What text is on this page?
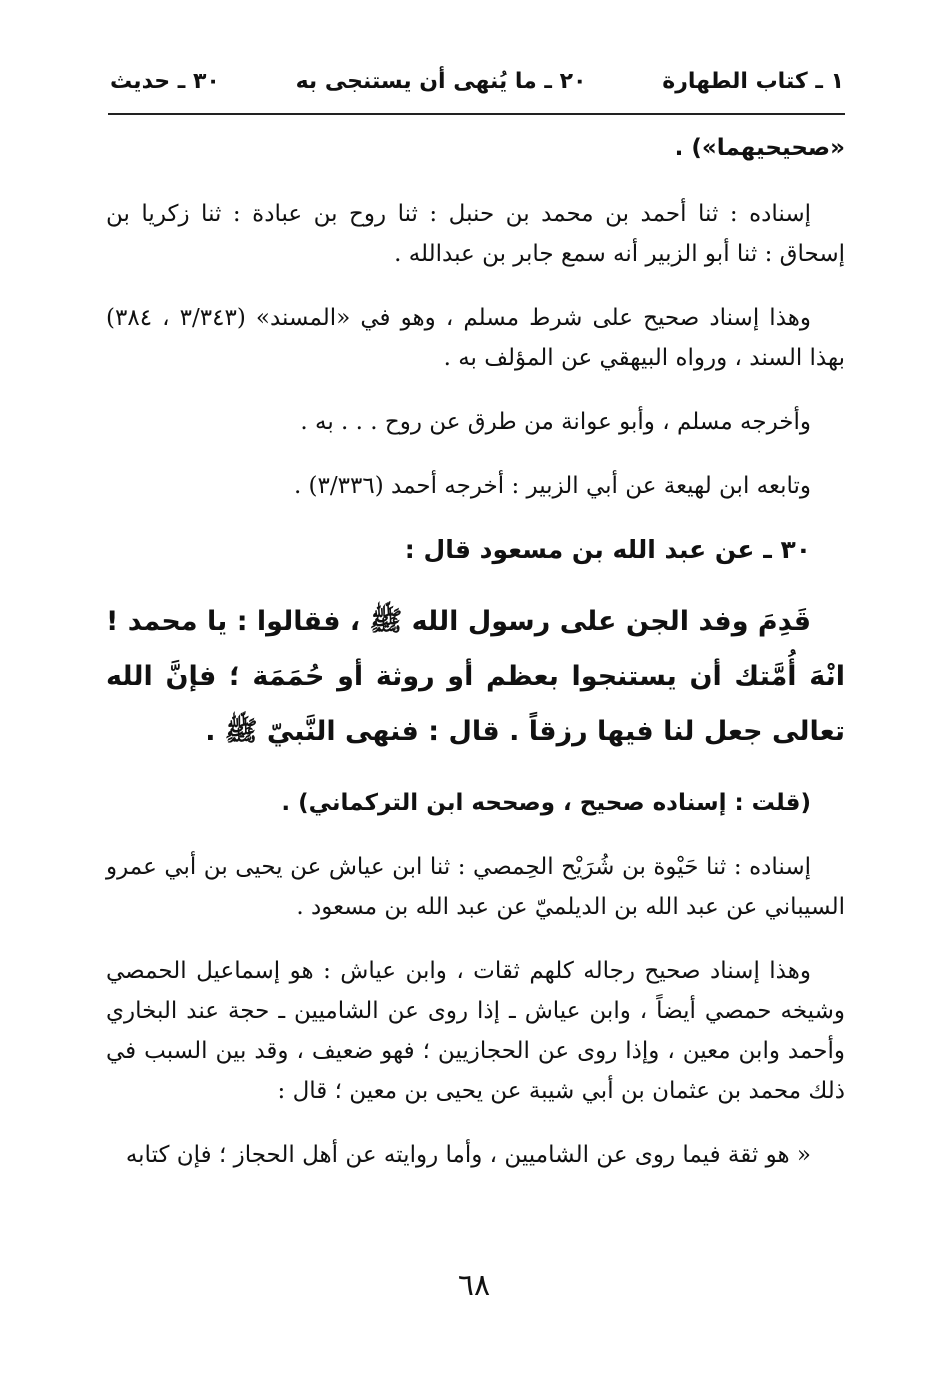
١ ـ كتاب الطهارة
٢٠ ـ ما يُنهى أن يستنجى به
٣٠ ـ حديث

«صحيحيهما») .

إسناده : ثنا أحمد بن محمد بن حنبل : ثنا روح بن عبادة : ثنا زكريا بن إسحاق : ثنا أبو الزبير أنه سمع جابر بن عبدالله .

وهذا إسناد صحيح على شرط مسلم ، وهو في «المسند» (٣/٣٤٣ ، ٣٨٤) بهذا السند ، ورواه البيهقي عن المؤلف به .

وأخرجه مسلم ، وأبو عوانة من طرق عن روح . . . به .

وتابعه ابن لهيعة عن أبي الزبير : أخرجه أحمد (٣/٣٣٦) .

٣٠ ـ عن عبد الله بن مسعود قال :

قَدِمَ وفد الجن على رسول الله ﷺ ، فقالوا : يا محمد ! انْهَ أُمَّتك أن يستنجوا بعظم أو روثة أو حُمَمَة ؛ فإنَّ الله تعالى جعل لنا فيها رزقاً . قال : فنهى النَّبيّ ﷺ .

(قلت : إسناده صحيح ، وصححه ابن التركماني) .

إسناده : ثنا حَيْوة بن شُرَيْح الحِمصي : ثنا ابن عياش عن يحيى بن أبي عمرو السيباني عن عبد الله بن الديلميّ عن عبد الله بن مسعود .

وهذا إسناد صحيح رجاله كلهم ثقات ، وابن عياش : هو إسماعيل الحمصي وشيخه حمصي أيضاً ، وابن عياش ـ إذا روى عن الشاميين ـ حجة عند البخاري وأحمد وابن معين ، وإذا روى عن الحجازيين ؛ فهو ضعيف ، وقد بين السبب في ذلك محمد بن عثمان بن أبي شيبة عن يحيى بن معين ؛ قال :

« هو ثقة فيما روى عن الشاميين ، وأما روايته عن أهل الحجاز ؛ فإن كتابه

٦٨
